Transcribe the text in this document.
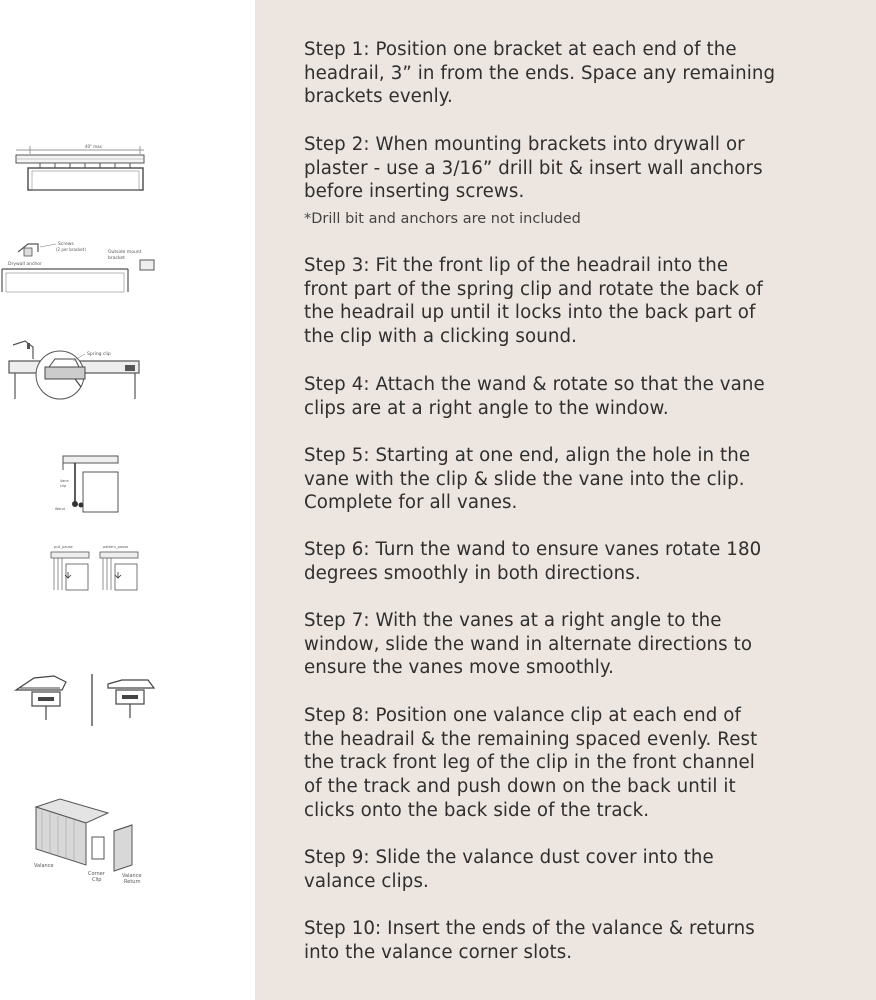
40" max
Screws
(2 per bracket)
Outside mount
bracket
Drywall anchor
Spring clip
Vane
clip
Wand
pull_pause	pattern_pause
Valance
Corner
Clip
Valance
Return
Step 1: Position one bracket at each end of the
headrail, 3” in from the ends. Space any remaining
brackets evenly.
Step 2: When mounting brackets into drywall or
plaster - use a 3/16” drill bit & insert wall anchors
before inserting screws.
*Drill bit and anchors are not included
Step 3: Fit the front lip of the headrail into the
front part of the spring clip and rotate the back of
the headrail up until it locks into the back part of
the clip with a clicking sound.
Step 4: Attach the wand & rotate so that the vane
clips are at a right angle to the window.
Step 5: Starting at one end, align the hole in the
vane with the clip & slide the vane into the clip.
Complete for all vanes.
Step 6: Turn the wand to ensure vanes rotate 180
degrees smoothly in both directions.
Step 7: With the vanes at a right angle to the
window, slide the wand in alternate directions to
ensure the vanes move smoothly.
Step 8: Position one valance clip at each end of
the headrail & the remaining spaced evenly. Rest
the track front leg of the clip in the front channel
of the track and push down on the back until it
clicks onto the back side of the track.
Step 9: Slide the valance dust cover into the
valance clips.
Step 10: Insert the ends of the valance & returns
into the valance corner slots.
